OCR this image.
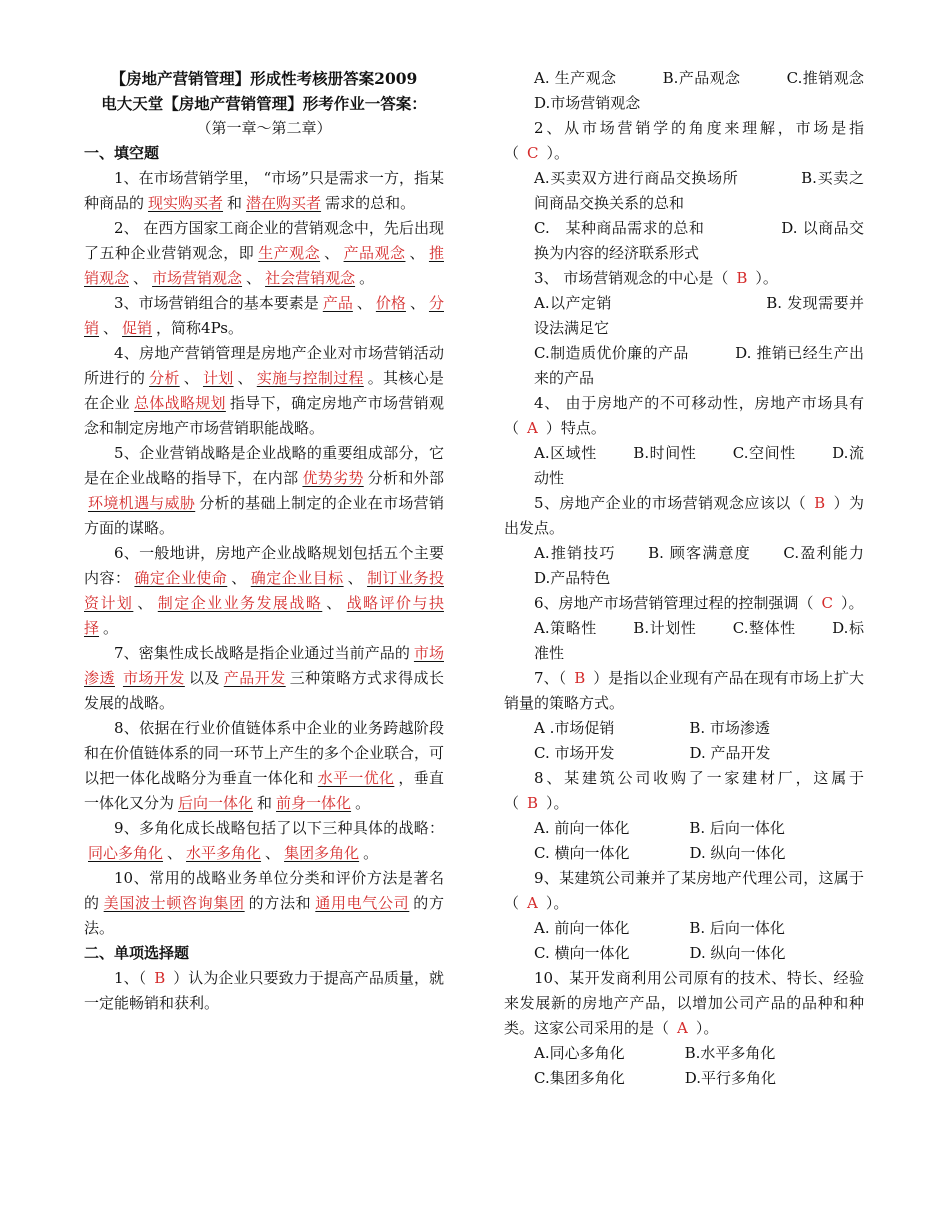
【房地产营销管理】形成性考核册答案2009

电大天堂【房地产营销管理】形考作业一答案：

（第一章～第二章）

一、填空题

1、在市场营销学里， “市场”只是需求一方，指某种商品的 现实购买者 和 潜在购买者 需求的总和。

2、 在西方国家工商企业的营销观念中，先后出现了五种企业营销观念，即 生产观念 、 产品观念 、 推销观念 、 市场营销观念 、 社会营销观念 。

3、市场营销组合的基本要素是 产品 、 价格 、 分销 、 促销 ，简称4Ps。

4、房地产营销管理是房地产企业对市场营销活动所进行的 分析 、 计划 、 实施与控制过程 。其核心是在企业 总体战略规划 指导下，确定房地产市场营销观念和制定房地产市场营销职能战略。

5、企业营销战略是企业战略的重要组成部分，它是在企业战略的指导下，在内部 优势劣势 分析和外部环境机遇与威胁 分析的基础上制定的企业在市场营销方面的谋略。

6、一般地讲，房地产企业战略规划包括五个主要内容： 确定企业使命 、 确定企业目标 、 制订业务投资计划 、 制定企业业务发展战略 、 战略评价与抉择 。

7、密集性成长战略是指企业通过当前产品的 市场渗透 市场开发 以及 产品开发 三种策略方式求得成长发展的战略。

8、依据在行业价值链体系中企业的业务跨越阶段和在价值链体系的同一环节上产生的多个企业联合，可以把一体化战略分为垂直一体化和 水平一优化 ，垂直一体化又分为 后向一体化 和 前身一体化 。

9、多角化成长战略包括了以下三种具体的战略：同心多角化 、 水平多角化 、 集团多角化 。

10、常用的战略业务单位分类和评价方法是著名的 美国波士顿咨询集团 的方法和 通用电气公司 的方法。

二、单项选择题

1、（ B ）认为企业只要致力于提高产品质量，就一定能畅销和获利。

A. 生产观念　　　B.产品观念　　　C.推销观念　D.市场营销观念

2、从市场营销学的角度来理解，市场是指（ C ）。

A.买卖双方进行商品交换场所　　　　B.买卖之间商品交换关系的总和

C.　某种商品需求的总和　　　　　D. 以商品交换为内容的经济联系形式

3、 市场营销观念的中心是（ B ）。

A.以产定销　　　　　　　　　　B. 发现需要并设法满足它

C.制造质优价廉的产品　　　D. 推销已经生产出来的产品

4、 由于房地产的不可移动性，房地产市场具有（ A ）特点。

A.区域性　　 B.时间性　　 C.空间性　　 D.流动性

5、房地产企业的市场营销观念应该以（ B ）为出发点。

A.推销技巧　　B. 顾客满意度　　C.盈利能力　　D.产品特色

6、房地产市场营销管理过程的控制强调（ C ）。

A.策略性　　 B.计划性　　 C.整体性　　 D.标准性

7、（ B ）是指以企业现有产品在现有市场上扩大销量的策略方式。

A .市场促销　　　　　B. 市场渗透

C. 市场开发　　　　　D. 产品开发

8、某建筑公司收购了一家建材厂，这属于（ B ）。

A. 前向一体化　　　　B. 后向一体化

C. 横向一体化　　　　D. 纵向一体化

9、某建筑公司兼并了某房地产代理公司，这属于（ A ）。

A. 前向一体化　　　　B. 后向一体化

C. 横向一体化　　　　D. 纵向一体化

10、某开发商利用公司原有的技术、特长、经验来发展新的房地产产品，以增加公司产品的品种和种类。这家公司采用的是（ A ）。

A.同心多角化　　　　B.水平多角化

C.集团多角化　　　　D.平行多角化
